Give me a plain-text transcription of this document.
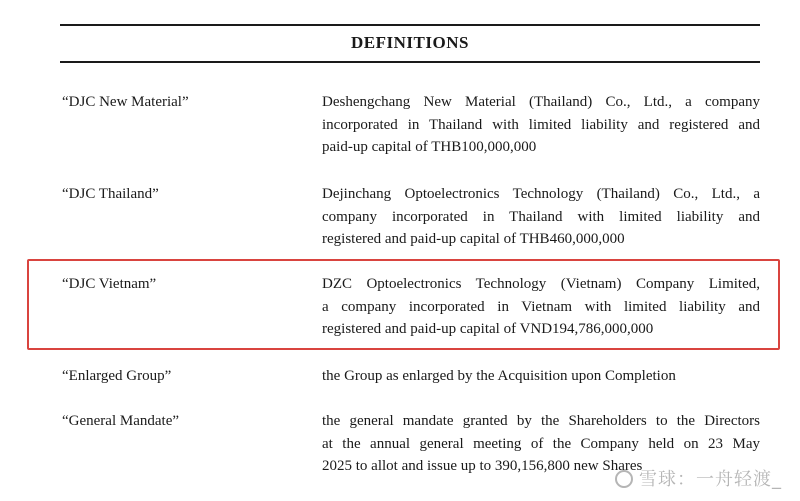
DEFINITIONS
“DJC New Material”	Deshengchang New Material (Thailand) Co., Ltd., a company
incorporated in Thailand with limited liability and registered and
paid-up capital of THB100,000,000
“DJC Thailand”	Dejinchang Optoelectronics Technology (Thailand) Co., Ltd., a
company incorporated in Thailand with limited liability and
registered and paid-up capital of THB460,000,000
“DJC Vietnam”	DZC Optoelectronics Technology (Vietnam) Company Limited,
a company incorporated in Vietnam with limited liability and
registered and paid-up capital of VND194,786,000,000
“Enlarged Group”	the Group as enlarged by the Acquisition upon Completion
“General Mandate”	the general mandate granted by the Shareholders to the Directors
at the annual general meeting of the Company held on 23 May
2025 to allot and issue up to 390,156,800 new Shares
雪球：一舟轻渡_
